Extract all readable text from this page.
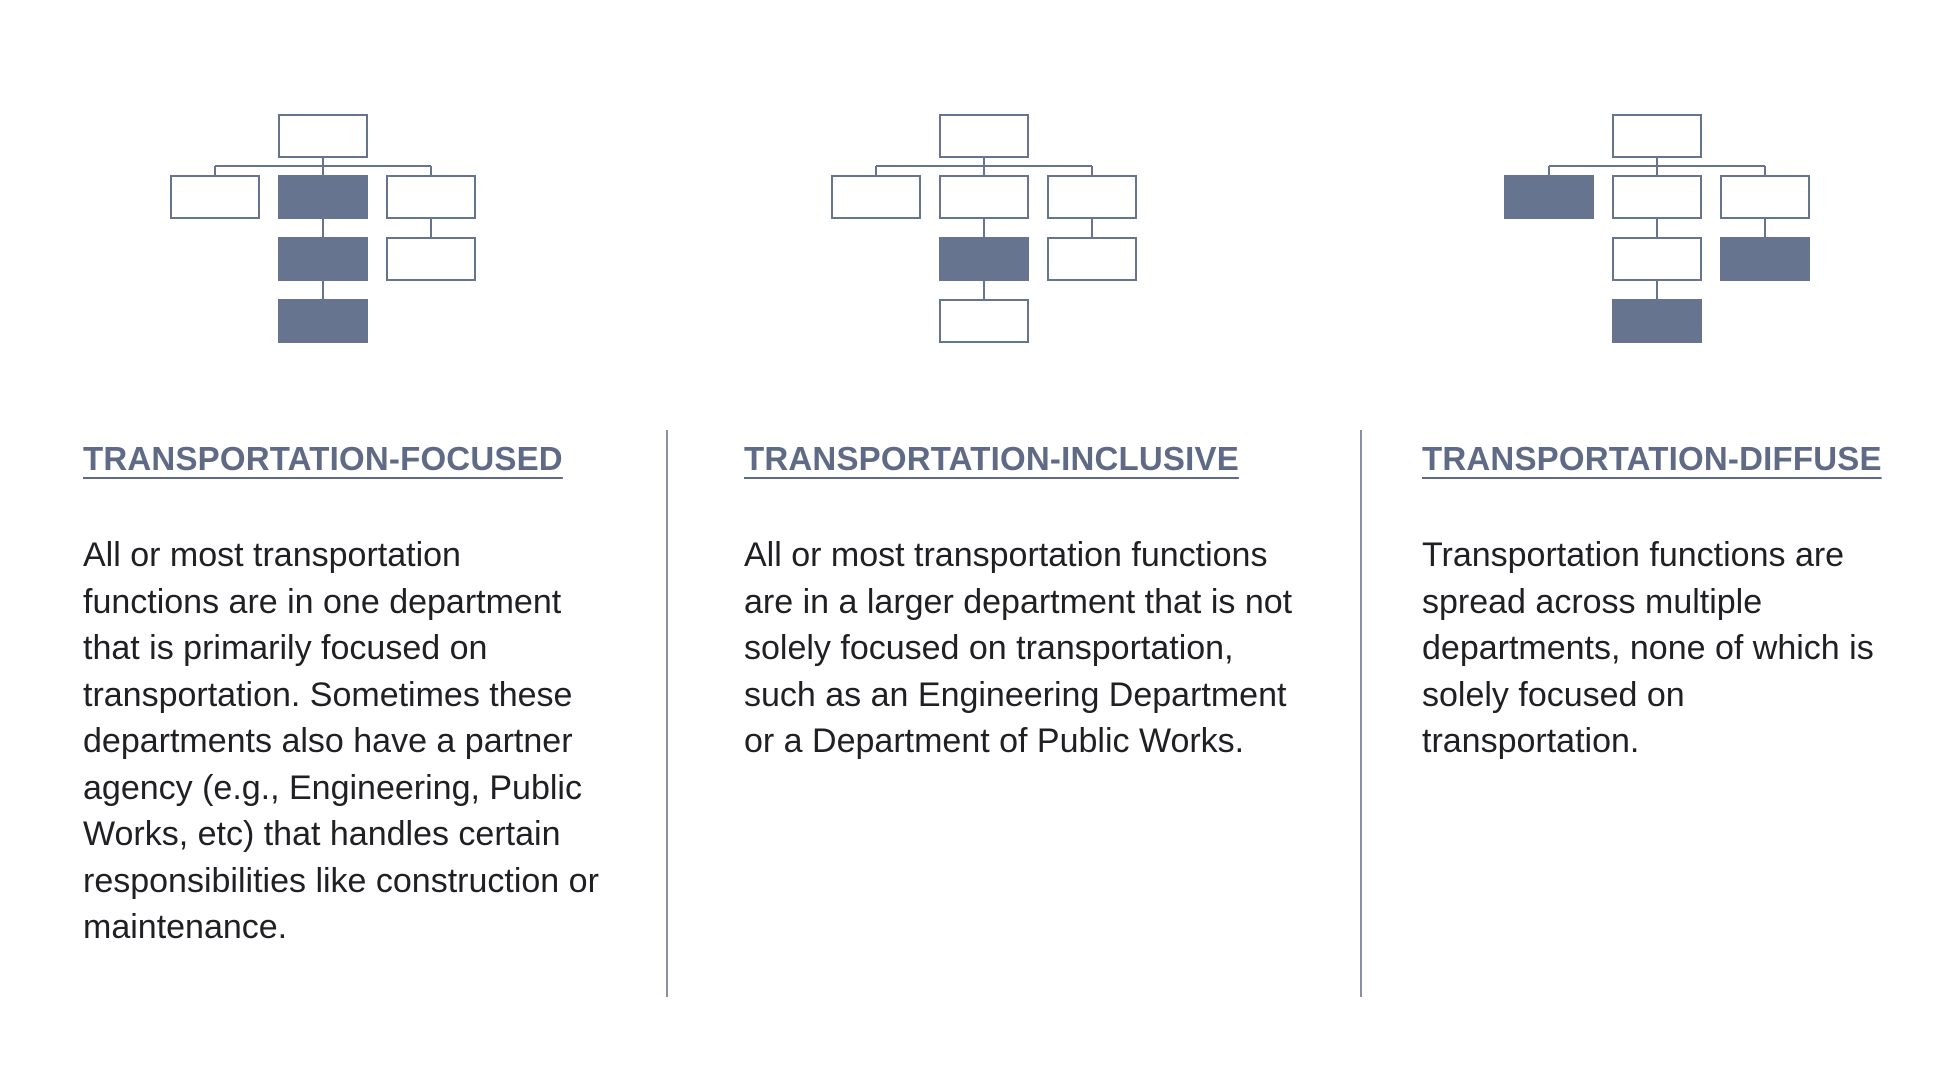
TRANSPORTATION-FOCUSED

All or most transportation functions are in one department that is primarily focused on transportation. Sometimes these departments also have a partner agency (e.g., Engineering, Public Works, etc) that handles certain responsibilities like construction or maintenance.

TRANSPORTATION-INCLUSIVE

All or most transportation functions are in a larger department that is not solely focused on transportation, such as an Engineering Department or a Department of Public Works.

TRANSPORTATION-DIFFUSE

Transportation functions are spread across multiple departments, none of which is solely focused on transportation.
